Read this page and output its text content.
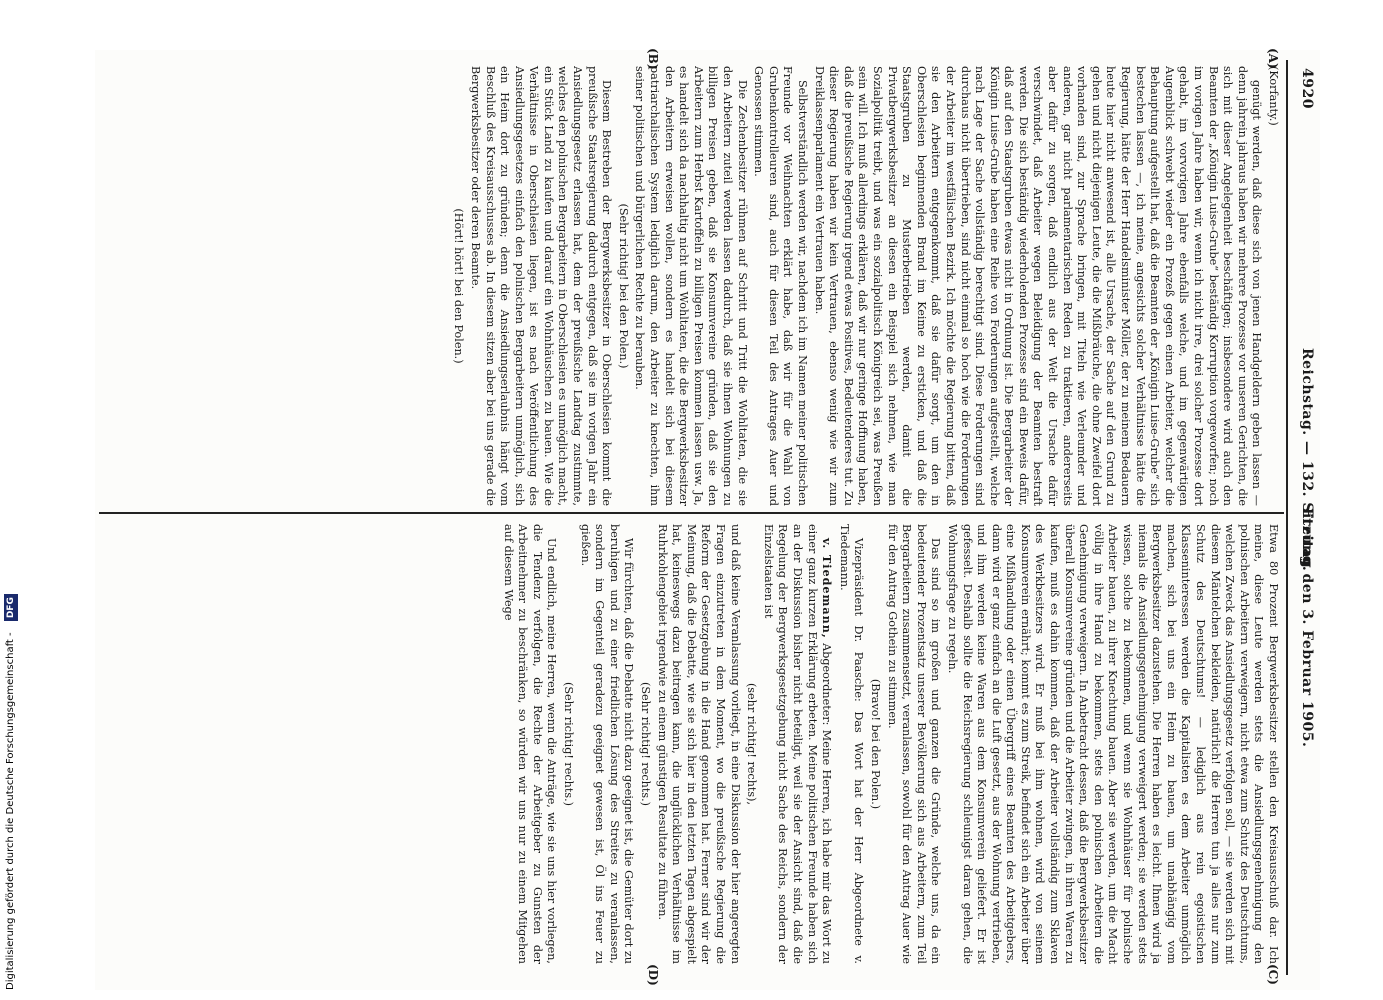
4920
Reichstag. — 132. Sitzung.
Freitag den 3. Februar 1905.
(A)
(B)
(C)
(D)

(Korfanty.)

genügt werden, daß diese sich von jenen Handgeldern geben lassen — denn jahrein jahraus haben wir mehrere Prozesse vor unseren Gerichten, die sich mit dieser Angelegenheit beschäftigen; insbesondere wird auch den Beamten der „Königin Luise-Grube“ beständig Korruption vorgeworfen; noch im vorigen Jahre haben wir, wenn ich nicht irre, drei solcher Prozesse dort gehabt, im vorvorigen Jahre ebenfalls welche, und im gegenwärtigen Augenblick schwebt wieder ein Prozeß gegen einen Arbeiter, welcher die Behauptung aufgestellt hat, daß die Beamten der „Königin Luise-Grube“ sich bestechen lassen —, ich meine, angesichts solcher Verhältnisse hätte die Regierung, hätte der Herr Handelsminister Möller, der zu meinem Bedauern heute hier nicht anwesend ist, alle Ursache, der Sache auf den Grund zu gehen und nicht diejenigen Leute, die die Mißbräuche, die ohne Zweifel dort vorhanden sind, zur Sprache bringen, mit Titeln wie Verleumder und anderen, gar nicht parlamentarischen Reden zu traktieren, andererseits aber dafür zu sorgen, daß endlich aus der Welt die Ursache dafür verschwindet, daß Arbeiter wegen Beleidigung der Beamten bestraft werden. Die sich beständig wiederholenden Prozesse sind ein Beweis dafür, daß auf den Staatsgruben etwas nicht in Ordnung ist. Die Bergarbeiter der Königin Luise-Grube haben eine Reihe von Forderungen aufgestellt, welche nach Lage der Sache vollständig berechtigt sind. Diese Forderungen sind durchaus nicht übertrieben, sind nicht einmal so hoch wie die Forderungen der Arbeiter im westfälischen Bezirk. Ich möchte die Regierung bitten, daß sie den Arbeitern entgegenkommt, daß sie dafür sorgt, um den in Oberschlesien beginnenden Brand im Keime zu ersticken, und daß die Staatsgruben zu Musterbetrieben werden, damit die Privatbergwerksbesitzer an diesen ein Beispiel sich nehmen, wie man Sozialpolitik treibt, und was ein sozialpolitisch Königreich sei, was Preußen sein will. Ich muß allerdings erklären, daß wir nur geringe Hoffnung haben, daß die preußische Regierung irgend etwas Positives, Bedeutenderes tut. Zu dieser Regierung haben wir kein Vertrauen, ebenso wenig wie wir zum Dreiklassenparlament ein Vertrauen haben.

Selbstverständlich werden wir, nachdem ich im Namen meiner politischen Freunde vor Weihnachten erklärt habe, daß wir für die Wahl von Grubenkontrolleuren sind, auch für diesen Teil des Antrages Auer und Genossen stimmen.

Die Zechenbesitzer rühmen auf Schritt und Tritt die Wohltaten, die sie den Arbeitern zuteil werden lassen dadurch, daß sie ihnen Wohnungen zu billigen Preisen geben, daß sie Konsumvereine gründen, daß sie den Arbeitern zum Herbst Kartoffeln zu billigen Preisen kommen lassen usw. Ja, es handelt sich da nachhaltig nicht um Wohltaten, die die Bergwerksbesitzer den Arbeitern erweisen wollen, sondern es handelt sich bei diesem patriarchalischen System lediglich darum, den Arbeiter zu knechten, ihm seiner politischen und bürgerlichen Rechte zu berauben.

(Sehr richtig! bei den Polen.)

Diesem Bestreben der Bergwerksbesitzer in Oberschlesien kommt die preußische Staatsregierung dadurch entgegen, daß sie im vorigen Jahr ein Ansiedlungsgesetz erlassen hat, dem der preußische Landtag zustimmte, welches den polnischen Bergarbeitern in Oberschlesien es unmöglich macht, ein Stück Land zu kaufen und darauf ein Wohnhäuschen zu bauen. Wie die Verhältnisse in Oberschlesien liegen, ist es nach Veröffentlichung des Ansiedlungsgesetzes einfach den polnischen Bergarbeitern unmöglich, sich ein Heim dort zu gründen; denn die Ansiedlungserlaubnis hängt vom Beschluß des Kreisausschusses ab. In diesem sitzen aber bei uns gerade die Bergwerksbesitzer oder deren Beamte.

(Hört! hört! bei den Polen.)

Etwa 80 Prozent Bergwerksbesitzer stellen den Kreisausschuß dar. Ich meine, diese Leute werden stets die Ansiedlungsgenehmigung den polnischen Arbeitern verweigern, nicht etwa zum Schutz des Deutschtums, welchen Zweck das Ansiedlungsgesetz verfolgen soll, — sie werden sich mit diesem Mäntelchen bekleiden, natürlich! die Herren tun ja alles nur zum Schutz des Deutschtums! — lediglich aus rein egoistischen Klasseninteressen werden die Kapitalisten es dem Arbeiter unmöglich machen, sich bei uns ein Heim zu bauen, um unabhängig vom Bergwerksbesitzer dazustehen. Die Herren haben es leicht. Ihnen wird ja niemals die Ansiedlungsgenehmigung verweigert werden; sie werden stets wissen, solche zu bekommen, und wenn sie Wohnhäuser für polnische Arbeiter bauen, zu ihrer Knechtung bauen. Aber sie werden, um die Macht völlig in ihre Hand zu bekommen, stets den polnischen Arbeitern die Genehmigung verweigern. In Anbetracht dessen, daß die Bergwerksbesitzer überall Konsumvereine gründen und die Arbeiter zwingen, in ihren Waren zu kaufen, muß es dahin kommen, daß der Arbeiter vollständig zum Sklaven des Werkbesitzers wird. Er muß bei ihm wohnen, wird von seinem Konsumverein ernährt; kommt es zum Streik, befindet sich ein Arbeiter über eine Mißhandlung oder einen Übergriff eines Beamten des Arbeitgebers, dann wird er ganz einfach an die Luft gesetzt, aus der Wohnung vertrieben, und ihm werden keine Waren aus dem Konsumverein geliefert. Er ist gefesselt. Deshalb sollte die Reichsregierung schleunigst daran gehen, die Wohnungsfrage zu regeln.

Das sind so im großen und ganzen die Gründe, welche uns, da ein bedeutender Prozentsatz unserer Bevölkerung sich aus Arbeitern, zum Teil Bergarbeitern zusammensetzt, veranlassen, sowohl für den Antrag Auer wie für den Antrag Gothein zu stimmen.

(Bravo! bei den Polen.)

Vizepräsident Dr. Paasche: Das Wort hat der Herr Abgeordnete v. Tiedemann.

v. Tiedemann, Abgeordneter: Meine Herren, ich habe mir das Wort zu einer ganz kurzen Erklärung erbeten. Meine politischen Freunde haben sich an der Diskussion bisher nicht beteiligt, weil sie der Ansicht sind, daß die Regelung der Bergwerksgesetzgebung nicht Sache des Reichs, sondern der Einzelstaaten ist

(sehr richtig! rechts),

und daß keine Veranlassung vorliegt, in eine Diskussion der hier angeregten Fragen einzutreten in dem Moment, wo die preußische Regierung die Reform der Gesetzgebung in die Hand genommen hat. Ferner sind wir der Meinung, daß die Debatte, wie sie sich hier in den letzten Tagen abgespielt hat, keineswegs dazu beitragen kann, die unglücklichen Verhältnisse im Ruhrkohlengebiet irgendwie zu einem günstigen Resultate zu führen.

(Sehr richtig! rechts.)

Wir fürchten, daß die Debatte nicht dazu geeignet ist, die Gemüter dort zu beruhigen und zu einer friedlichen Lösung des Streites zu veranlassen, sondern im Gegenteil geradezu geeignet gewesen ist, Öl ins Feuer zu gießen.

(Sehr richtig! rechts.)

Und endlich, meine Herren, wenn die Anträge, wie sie uns hier vorliegen, die Tendenz verfolgen, die Rechte der Arbeitgeber zu Gunsten der Arbeitnehmer zu beschränken, so würden wir uns nur zu einem Mitgehen auf diesem Wege

Digitalisierung gefördert durch die Deutsche Forschungsgemeinschaft - DFG
